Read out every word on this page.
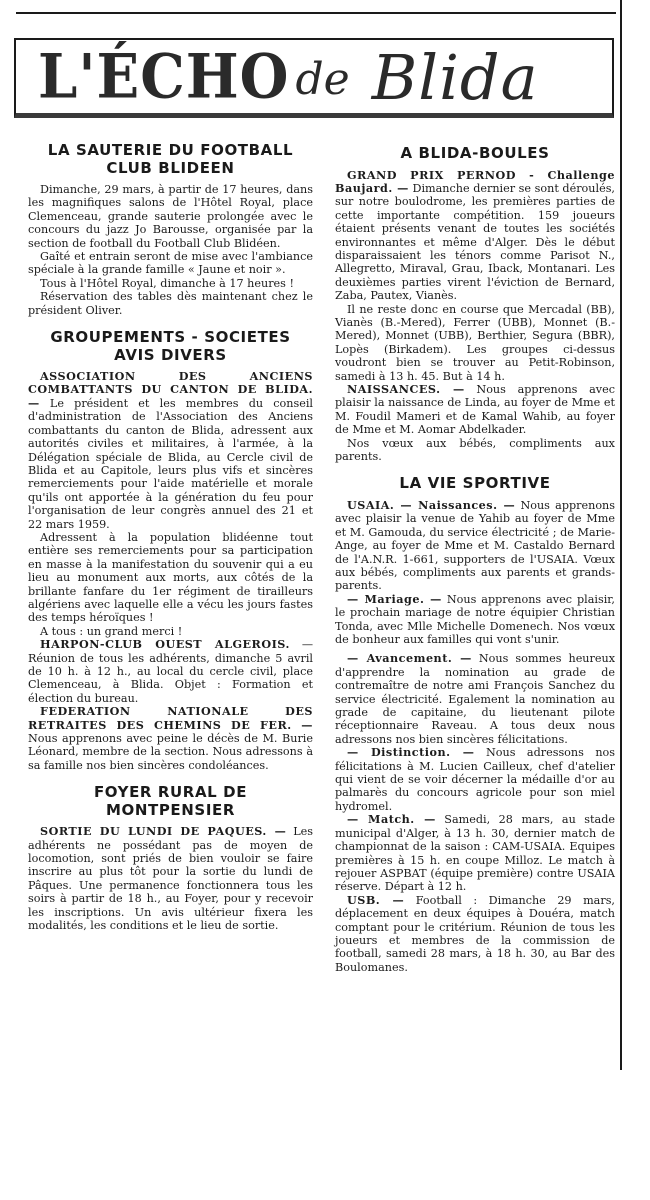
L'ÉCHO de Blida
LA SAUTERIE DU FOOTBALL CLUB BLIDEEN

Dimanche, 29 mars, à partir de 17 heures, dans les magnifiques salons de l'Hôtel Royal, place Clemenceau, grande sauterie prolongée avec le concours du jazz Jo Barousse, organisée par la section de football du Football Club Blidéen.

Gaîté et entrain seront de mise avec l'ambiance spéciale à la grande famille « Jaune et noir ».

Tous à l'Hôtel Royal, dimanche à 17 heures !

Réservation des tables dès maintenant chez le président Oliver.

GROUPEMENTS - SOCIETES AVIS DIVERS

ASSOCIATION DES ANCIENS COMBATTANTS DU CANTON DE BLIDA. — Le président et les membres du conseil d'administration de l'Association des Anciens combattants du canton de Blida, adressent aux autorités civiles et militaires, à l'armée, à la Délégation spéciale de Blida, au Cercle civil de Blida et au Capitole, leurs plus vifs et sincères remerciements pour l'aide matérielle et morale qu'ils ont apportée à la génération du feu pour l'organisation de leur congrès annuel des 21 et 22 mars 1959.

Adressent à la population blidéenne tout entière ses remerciements pour sa participation en masse à la manifestation du souvenir qui a eu lieu au monument aux morts, aux côtés de la brillante fanfare du 1er régiment de tirailleurs algériens avec laquelle elle a vécu les jours fastes des temps héroïques !

A tous : un grand merci !

HARPON-CLUB OUEST ALGEROIS. — Réunion de tous les adhérents, dimanche 5 avril de 10 h. à 12 h., au local du cercle civil, place Clemenceau, à Blida. Objet : Formation et élection du bureau.

FEDERATION NATIONALE DES RETRAITES DES CHEMINS DE FER. — Nous apprenons avec peine le décès de M. Burie Léonard, membre de la section. Nous adressons à sa famille nos bien sincères condoléances.

FOYER RURAL DE MONTPENSIER

SORTIE DU LUNDI DE PAQUES. — Les adhérents ne possédant pas de moyen de locomotion, sont priés de bien vouloir se faire inscrire au plus tôt pour la sortie du lundi de Pâques. Une permanence fonctionnera tous les soirs à partir de 18 h., au Foyer, pour y recevoir les inscriptions. Un avis ultérieur fixera les modalités, les conditions et le lieu de sortie.

A BLIDA-BOULES

GRAND PRIX PERNOD - Challenge Baujard. — Dimanche dernier se sont déroulés, sur notre boulodrome, les premières parties de cette importante compétition. 159 joueurs étaient présents venant de toutes les sociétés environnantes et même d'Alger. Dès le début disparaissaient les ténors comme Parisot N., Allegretto, Miraval, Grau, Iback, Montanari. Les deuxièmes parties virent l'éviction de Bernard, Zaba, Pautex, Vianès.

Il ne reste donc en course que Mercadal (BB), Vianès (B.-Mered), Ferrer (UBB), Monnet (B.-Mered), Monnet (UBB), Berthier, Segura (BBR), Lopès (Birkadem). Les groupes ci-dessus voudront bien se trouver au Petit-Robinson, samedi à 13 h. 45. But à 14 h.

NAISSANCES. — Nous apprenons avec plaisir la naissance de Linda, au foyer de Mme et M. Foudil Mameri et de Kamal Wahib, au foyer de Mme et M. Aomar Abdelkader.

Nos vœux aux bébés, compliments aux parents.

LA VIE SPORTIVE

USAIA. — Naissances. — Nous apprenons avec plaisir la venue de Yahib au foyer de Mme et M. Gamouda, du service électricité ; de Marie-Ange, au foyer de Mme et M. Castaldo Bernard de l'A.N.R. 1-661, supporters de l'USAIA. Vœux aux bébés, compliments aux parents et grands-parents.

— Mariage. — Nous apprenons avec plaisir, le prochain mariage de notre équipier Christian Tonda, avec Mlle Michelle Domenech. Nos vœux de bonheur aux familles qui vont s'unir.

— Avancement. — Nous sommes heureux d'apprendre la nomination au grade de contremaître de notre ami François Sanchez du service électricité. Egalement la nomination au grade de capitaine, du lieutenant pilote réceptionnaire Raveau. A tous deux nous adressons nos bien sincères félicitations.

— Distinction. — Nous adressons nos félicitations à M. Lucien Cailleux, chef d'atelier qui vient de se voir décerner la médaille d'or au palmarès du concours agricole pour son miel hydromel.

— Match. — Samedi, 28 mars, au stade municipal d'Alger, à 13 h. 30, dernier match de championnat de la saison : CAM-USAIA. Equipes premières à 15 h. en coupe Milloz. Le match à rejouer ASPBAT (équipe première) contre USAIA réserve. Départ à 12 h.

USB. — Football : Dimanche 29 mars, déplacement en deux équipes à Douéra, match comptant pour le critérium. Réunion de tous les joueurs et membres de la commission de football, samedi 28 mars, à 18 h. 30, au Bar des Boulomanes.
